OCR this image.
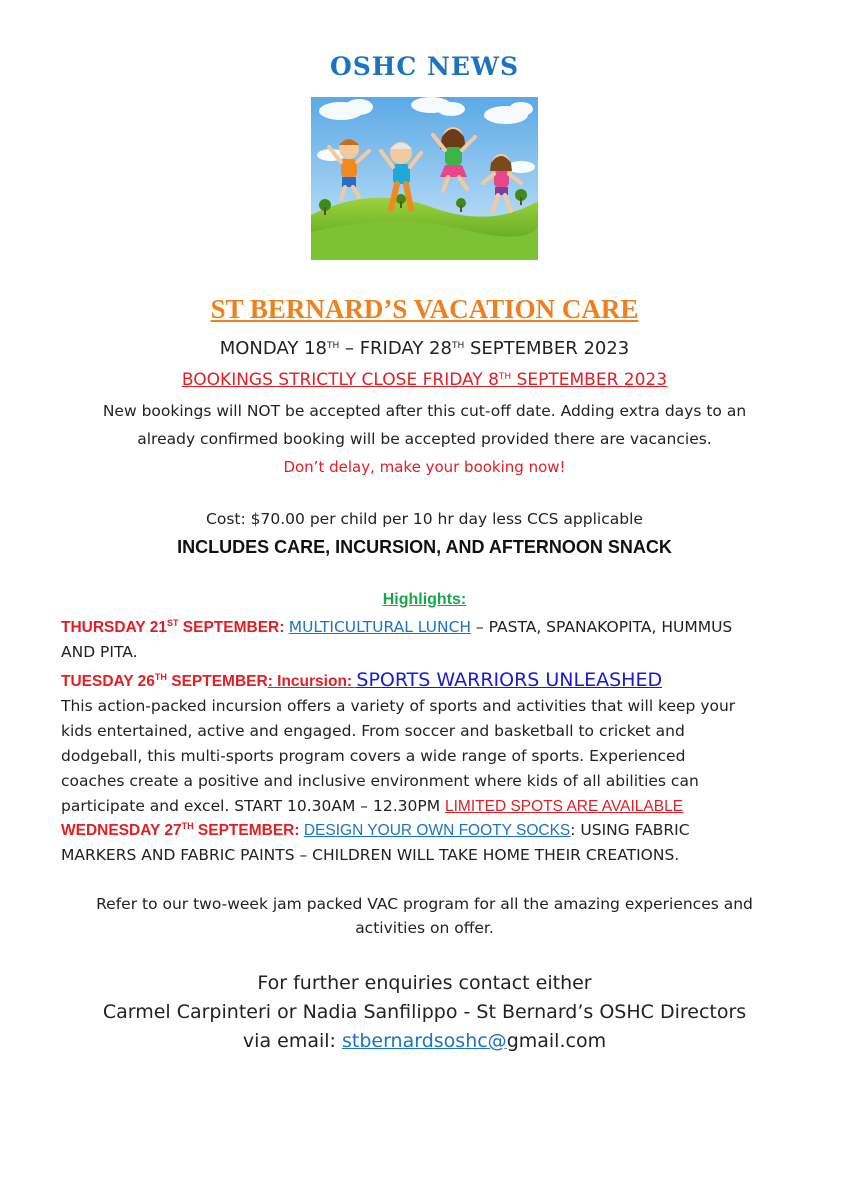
OSHC NEWS
ST BERNARD’S VACATION CARE
MONDAY 18TH – FRIDAY 28TH SEPTEMBER 2023
BOOKINGS STRICTLY CLOSE FRIDAY 8TH SEPTEMBER 2023
New bookings will NOT be accepted after this cut-off date. Adding extra days to an
already confirmed booking will be accepted provided there are vacancies.
Don’t delay, make your booking now!
Cost: $70.00 per child per 10 hr day less CCS applicable
INCLUDES CARE, INCURSION, AND AFTERNOON SNACK
Highlights:
THURSDAY 21ST SEPTEMBER: MULTICULTURAL LUNCH – PASTA, SPANAKOPITA, HUMMUS
AND PITA.
TUESDAY 26TH SEPTEMBER: Incursion: SPORTS WARRIORS UNLEASHED
This action-packed incursion offers a variety of sports and activities that will keep your
kids entertained, active and engaged. From soccer and basketball to cricket and
dodgeball, this multi-sports program covers a wide range of sports. Experienced
coaches create a positive and inclusive environment where kids of all abilities can
participate and excel. START 10.30AM – 12.30PM LIMITED SPOTS ARE AVAILABLE
WEDNESDAY 27TH SEPTEMBER: DESIGN YOUR OWN FOOTY SOCKS: USING FABRIC
MARKERS AND FABRIC PAINTS – CHILDREN WILL TAKE HOME THEIR CREATIONS.
Refer to our two-week jam packed VAC program for all the amazing experiences and
activities on offer.
For further enquiries contact either
Carmel Carpinteri or Nadia Sanfilippo - St Bernard’s OSHC Directors
via email: stbernardsoshc@gmail.com
